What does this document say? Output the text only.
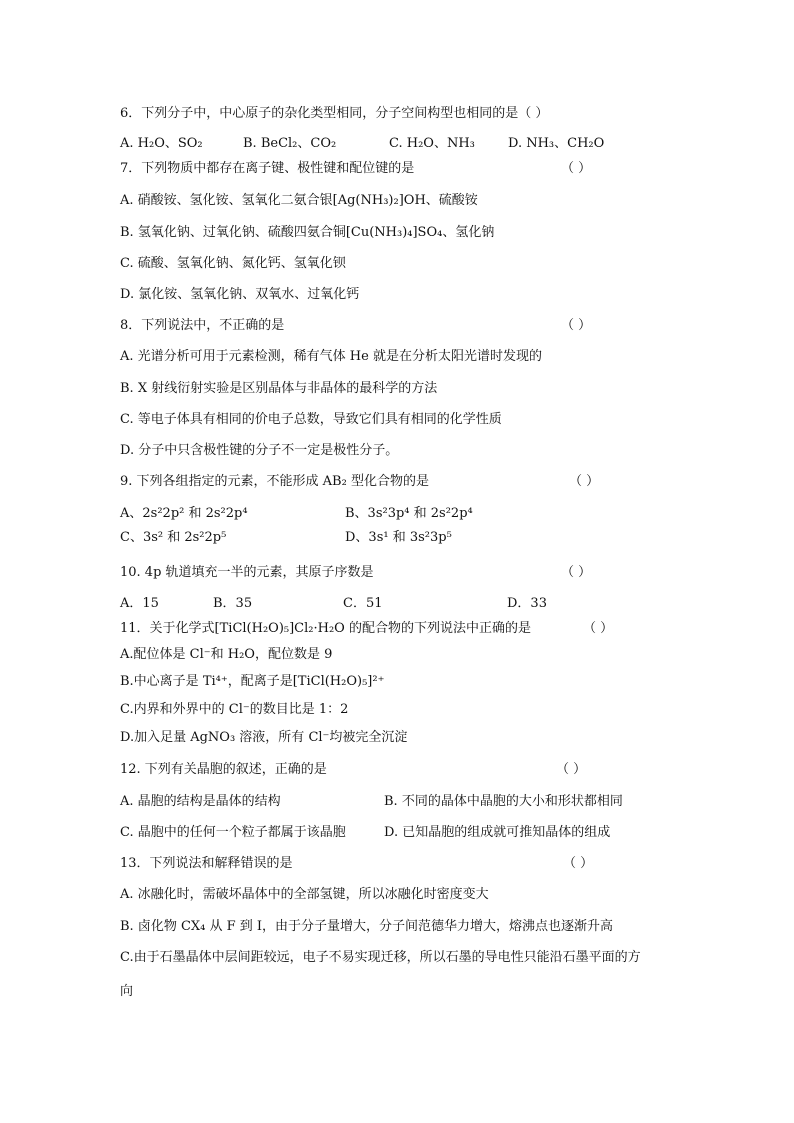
6．下列分子中，中心原子的杂化类型相同，分子空间构型也相同的是（ ）
A. H₂O、SO₂	B. BeCl₂、CO₂	C. H₂O、NH₃	D. NH₃、CH₂O
7．下列物质中都存在离子键、极性键和配位键的是	（ ）
A. 硝酸铵、氢化铵、氢氧化二氨合银[Ag(NH₃)₂]OH、硫酸铵
B. 氢氧化钠、过氧化钠、硫酸四氨合铜[Cu(NH₃)₄]SO₄、氢化钠
C. 硫酸、氢氧化钠、氮化钙、氢氧化钡
D. 氯化铵、氢氧化钠、双氧水、过氧化钙
8．下列说法中，不正确的是	（ ）
A. 光谱分析可用于元素检测，稀有气体 He 就是在分析太阳光谱时发现的
B. X 射线衍射实验是区别晶体与非晶体的最科学的方法
C. 等电子体具有相同的价电子总数，导致它们具有相同的化学性质
D. 分子中只含极性键的分子不一定是极性分子。
9. 下列各组指定的元素，不能形成 AB₂ 型化合物的是	（ ）
A、2s²2p² 和 2s²2p⁴	B、3s²3p⁴ 和 2s²2p⁴
C、3s² 和 2s²2p⁵	D、3s¹ 和 3s²3p⁵
10. 4p 轨道填充一半的元素，其原子序数是	（ ）
A．15	B．35	C．51	D．33
11．关于化学式[TiCl(H₂O)₅]Cl₂·H₂O 的配合物的下列说法中正确的是	（ ）
A.配位体是 Cl⁻和 H₂O，配位数是 9
B.中心离子是 Ti⁴⁺，配离子是[TiCl(H₂O)₅]²⁺
C.内界和外界中的 Cl⁻的数目比是 1：2
D.加入足量 AgNO₃ 溶液，所有 Cl⁻均被完全沉淀
12. 下列有关晶胞的叙述，正确的是	（ ）
A. 晶胞的结构是晶体的结构	B. 不同的晶体中晶胞的大小和形状都相同
C. 晶胞中的任何一个粒子都属于该晶胞	D. 已知晶胞的组成就可推知晶体的组成
13．下列说法和解释错误的是	（ ）
A. 冰融化时，需破坏晶体中的全部氢键，所以冰融化时密度变大
B. 卤化物 CX₄ 从 F 到 I，由于分子量增大，分子间范德华力增大，熔沸点也逐渐升高
C.由于石墨晶体中层间距较远，电子不易实现迁移，所以石墨的导电性只能沿石墨平面的方
向
